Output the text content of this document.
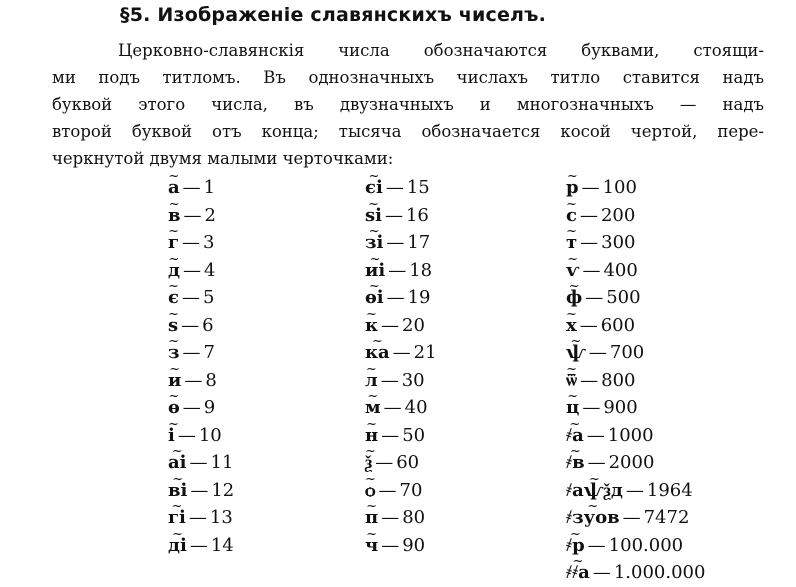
§5. Изображенiе славянскихъ чиселъ.
Церковно-славянскiя числа обозначаются буквами, стоящи-
ми подъ титломъ. Въ однозначныхъ числахъ титло ставится надъ
буквой этого числа, въ двузначныхъ и многозначныхъ — надъ
второй буквой отъ конца; тысяча обозначается косой чертой, пере-
черкнутой двумя малыми черточками:
~ а — 1
~ в — 2
~ г — 3
~ д — 4
~ є — 5
~ ѕ — 6
~ з — 7
~ и — 8
~ ѳ — 9
~ і — 10
~ аі — 11
~ ві — 12
~ гі — 13
~ ді — 14
~ єі — 15
~ ѕі — 16
~ зі — 17
~ иі — 18
~ ѳі — 19
~ к — 20
~ ка — 21
~ л — 30
~ м — 40
~ н — 50
~ ѯ — 60
~ ѻ — 70
~ п — 80
~ ч — 90
~ р — 100
~ с — 200
~ т — 300
~ ѵ — 400
~ ф — 500
~ х — 600
~ ѱ — 700
~ ѿ — 800
~ ц — 900
~ ҂а — 1000
~ ҂в — 2000
~ ҂аѱѯд — 1964
~ ҂зуов — 7472
~ ҂р — 100.000
~ ҂҂а — 1.000.000
